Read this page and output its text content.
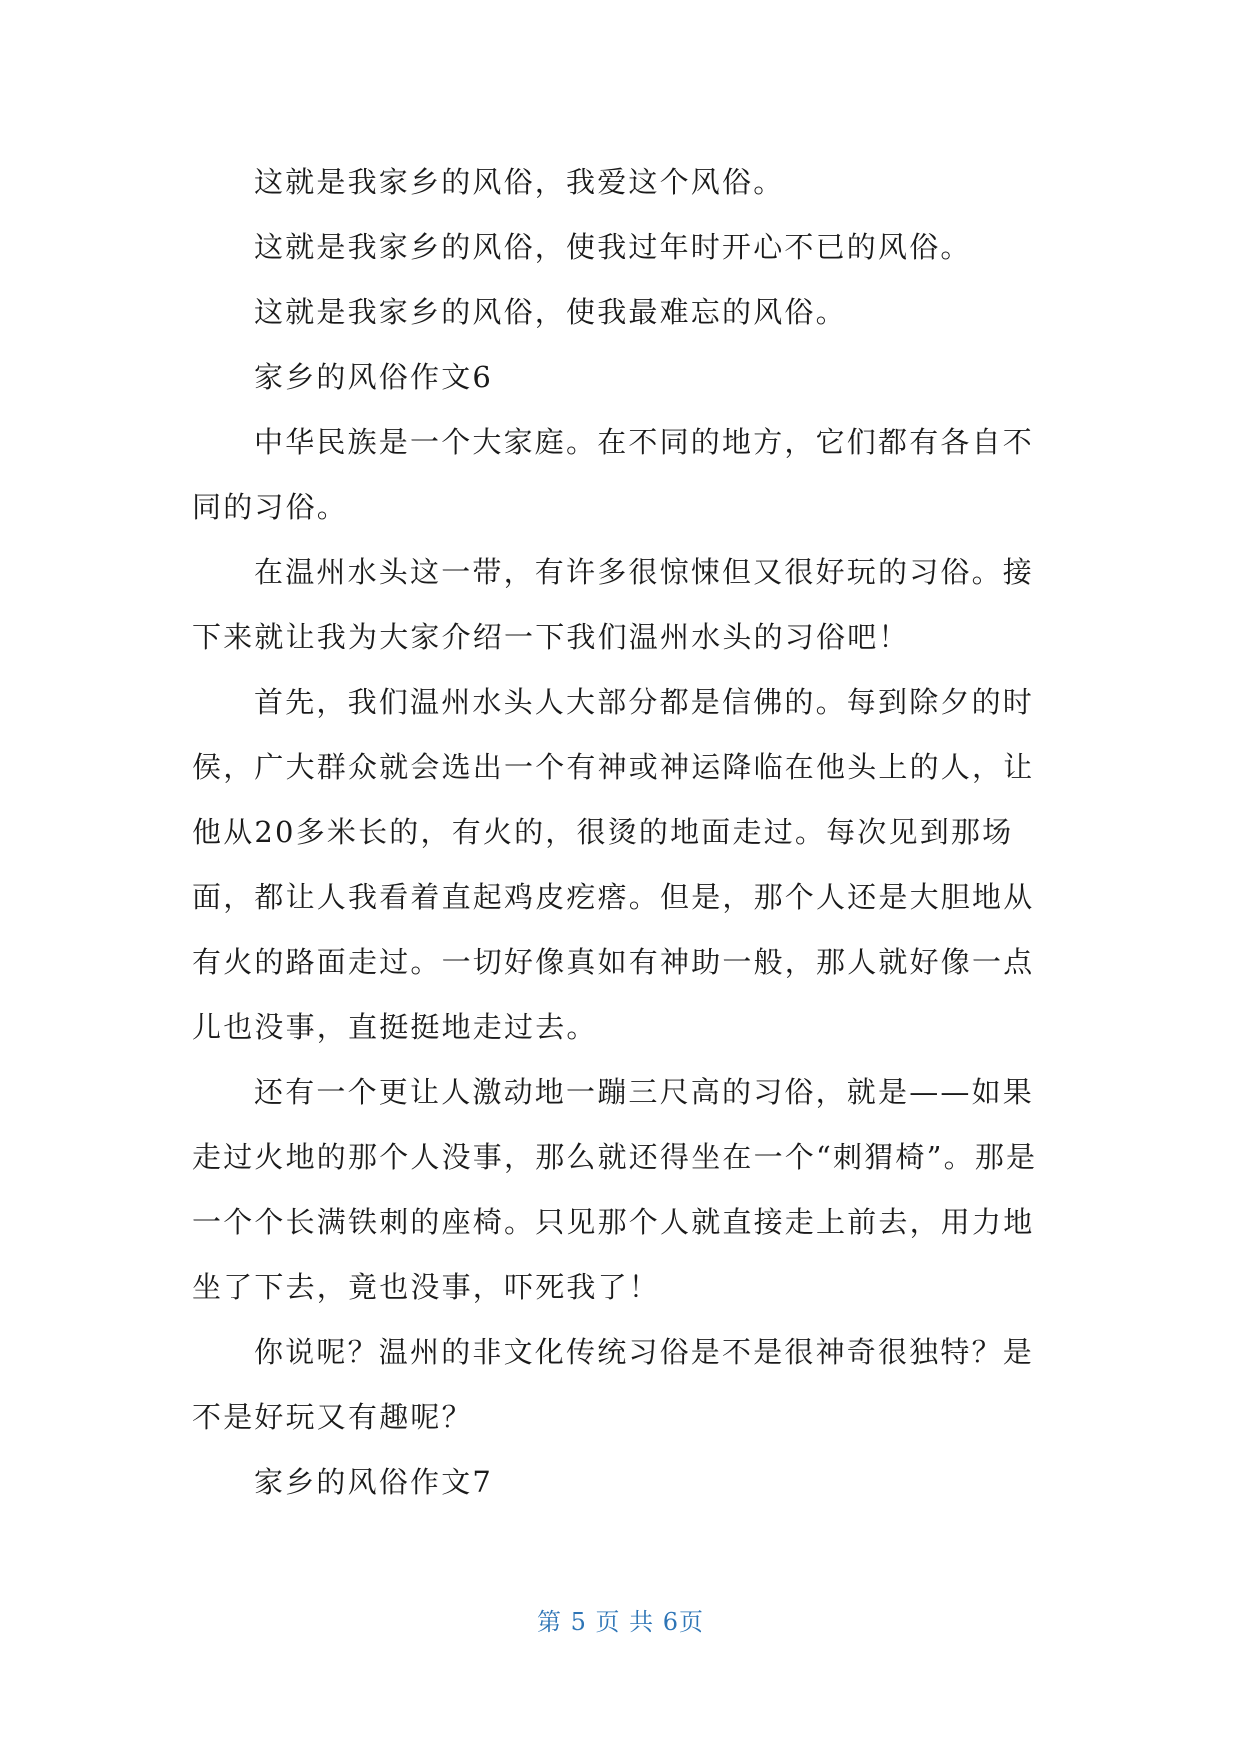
这就是我家乡的风俗，我爱这个风俗。

这就是我家乡的风俗，使我过年时开心不已的风俗。

这就是我家乡的风俗，使我最难忘的风俗。

家乡的风俗作文6

中华民族是一个大家庭。在不同的地方，它们都有各自不同的习俗。

在温州水头这一带，有许多很惊悚但又很好玩的习俗。接下来就让我为大家介绍一下我们温州水头的习俗吧！

首先，我们温州水头人大部分都是信佛的。每到除夕的时侯，广大群众就会选出一个有神或神运降临在他头上的人，让他从20多米长的，有火的，很烫的地面走过。每次见到那场面，都让人我看着直起鸡皮疙瘩。但是，那个人还是大胆地从有火的路面走过。一切好像真如有神助一般，那人就好像一点儿也没事，直挺挺地走过去。

还有一个更让人激动地一蹦三尺高的习俗，就是——如果走过火地的那个人没事，那么就还得坐在一个“刺猬椅”。那是一个个长满铁刺的座椅。只见那个人就直接走上前去，用力地坐了下去，竟也没事，吓死我了！

你说呢？温州的非文化传统习俗是不是很神奇很独特？是不是好玩又有趣呢？

家乡的风俗作文7

第 5 页 共 6页
